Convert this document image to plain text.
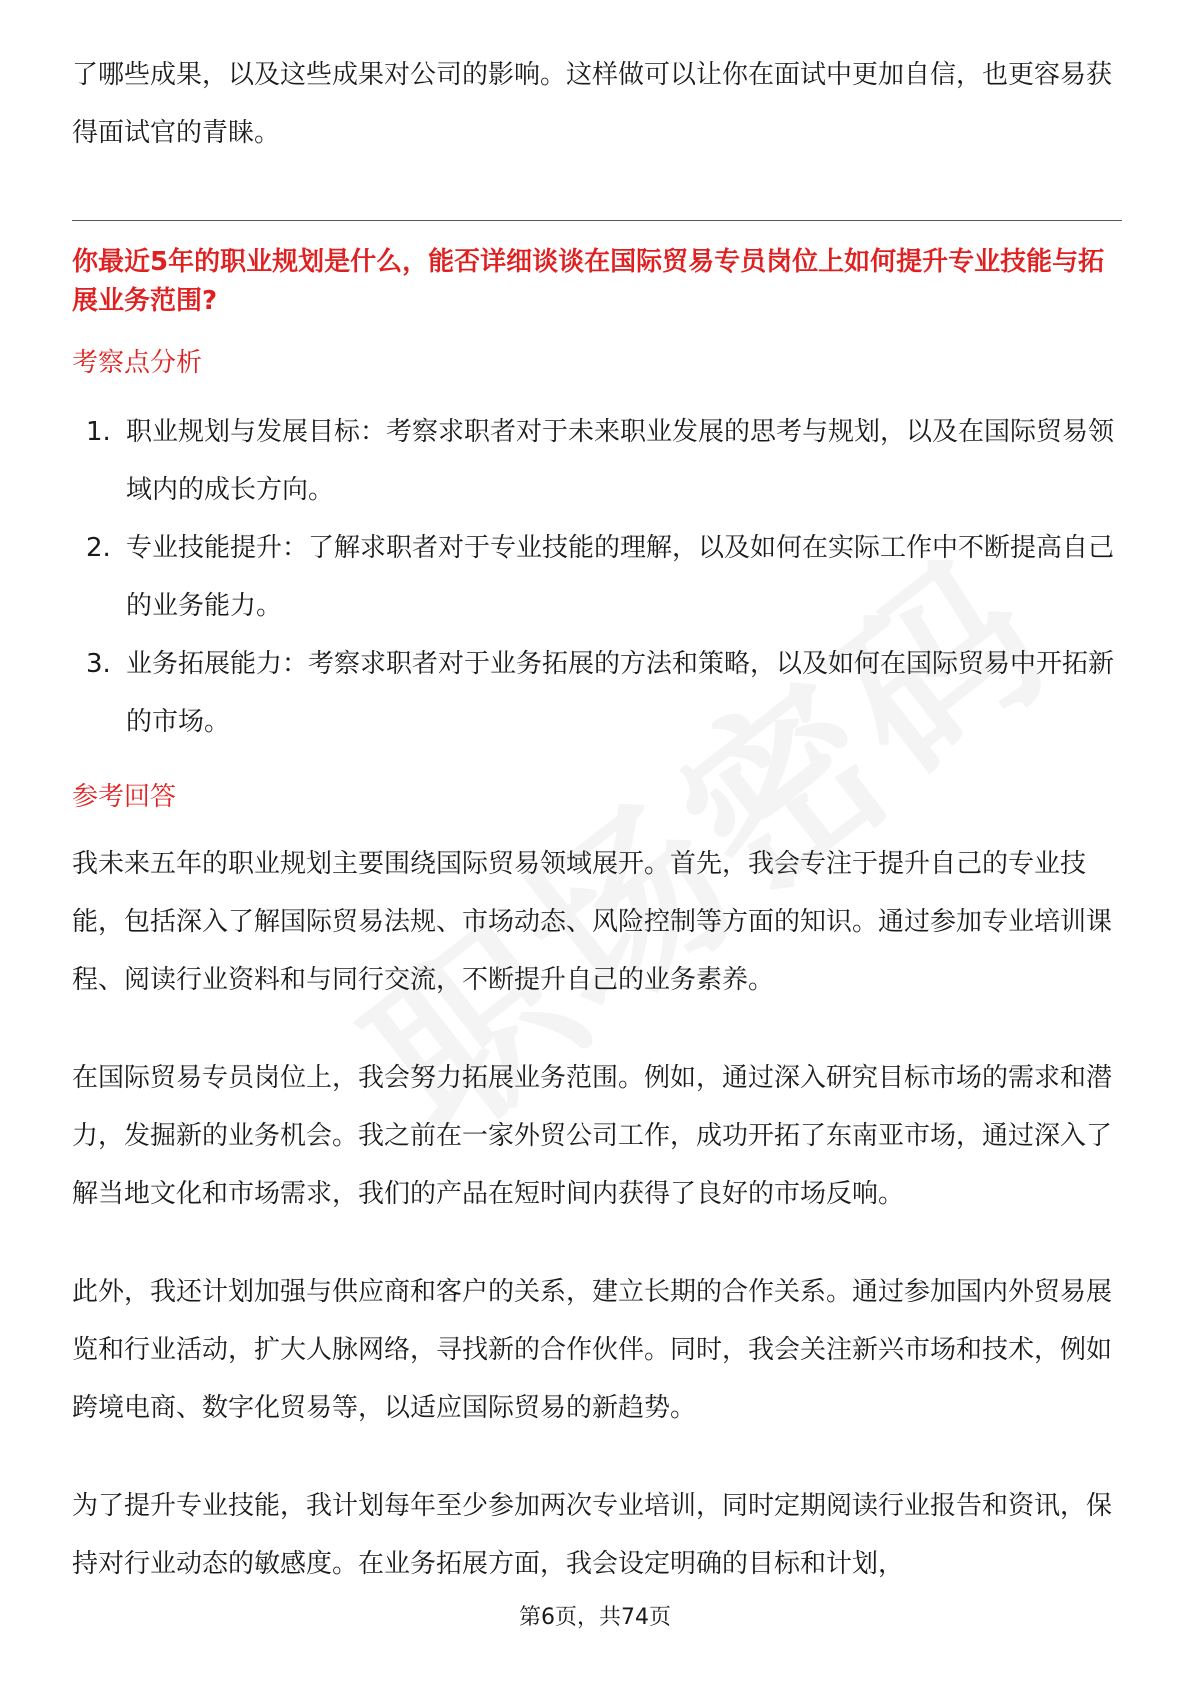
了哪些成果，以及这些成果对公司的影响。这样做可以让你在面试中更加自信，也更容易获得面试官的青睐。

你最近5年的职业规划是什么，能否详细谈谈在国际贸易专员岗位上如何提升专业技能与拓展业务范围?
考察点分析
1. 职业规划与发展目标：考察求职者对于未来职业发展的思考与规划，以及在国际贸易领域内的成长方向。
2. 专业技能提升：了解求职者对于专业技能的理解，以及如何在实际工作中不断提高自己的业务能力。
3. 业务拓展能力：考察求职者对于业务拓展的方法和策略，以及如何在国际贸易中开拓新的市场。
参考回答

我未来五年的职业规划主要围绕国际贸易领域展开。首先，我会专注于提升自己的专业技能，包括深入了解国际贸易法规、市场动态、风险控制等方面的知识。通过参加专业培训课程、阅读行业资料和与同行交流，不断提升自己的业务素养。

在国际贸易专员岗位上，我会努力拓展业务范围。例如，通过深入研究目标市场的需求和潜力，发掘新的业务机会。我之前在一家外贸公司工作，成功开拓了东南亚市场，通过深入了解当地文化和市场需求，我们的产品在短时间内获得了良好的市场反响。

此外，我还计划加强与供应商和客户的关系，建立长期的合作关系。通过参加国内外贸易展览和行业活动，扩大人脉网络，寻找新的合作伙伴。同时，我会关注新兴市场和技术，例如跨境电商、数字化贸易等，以适应国际贸易的新趋势。

为了提升专业技能，我计划每年至少参加两次专业培训，同时定期阅读行业报告和资讯，保持对行业动态的敏感度。在业务拓展方面，我会设定明确的目标和计划，

第6页，共74页
